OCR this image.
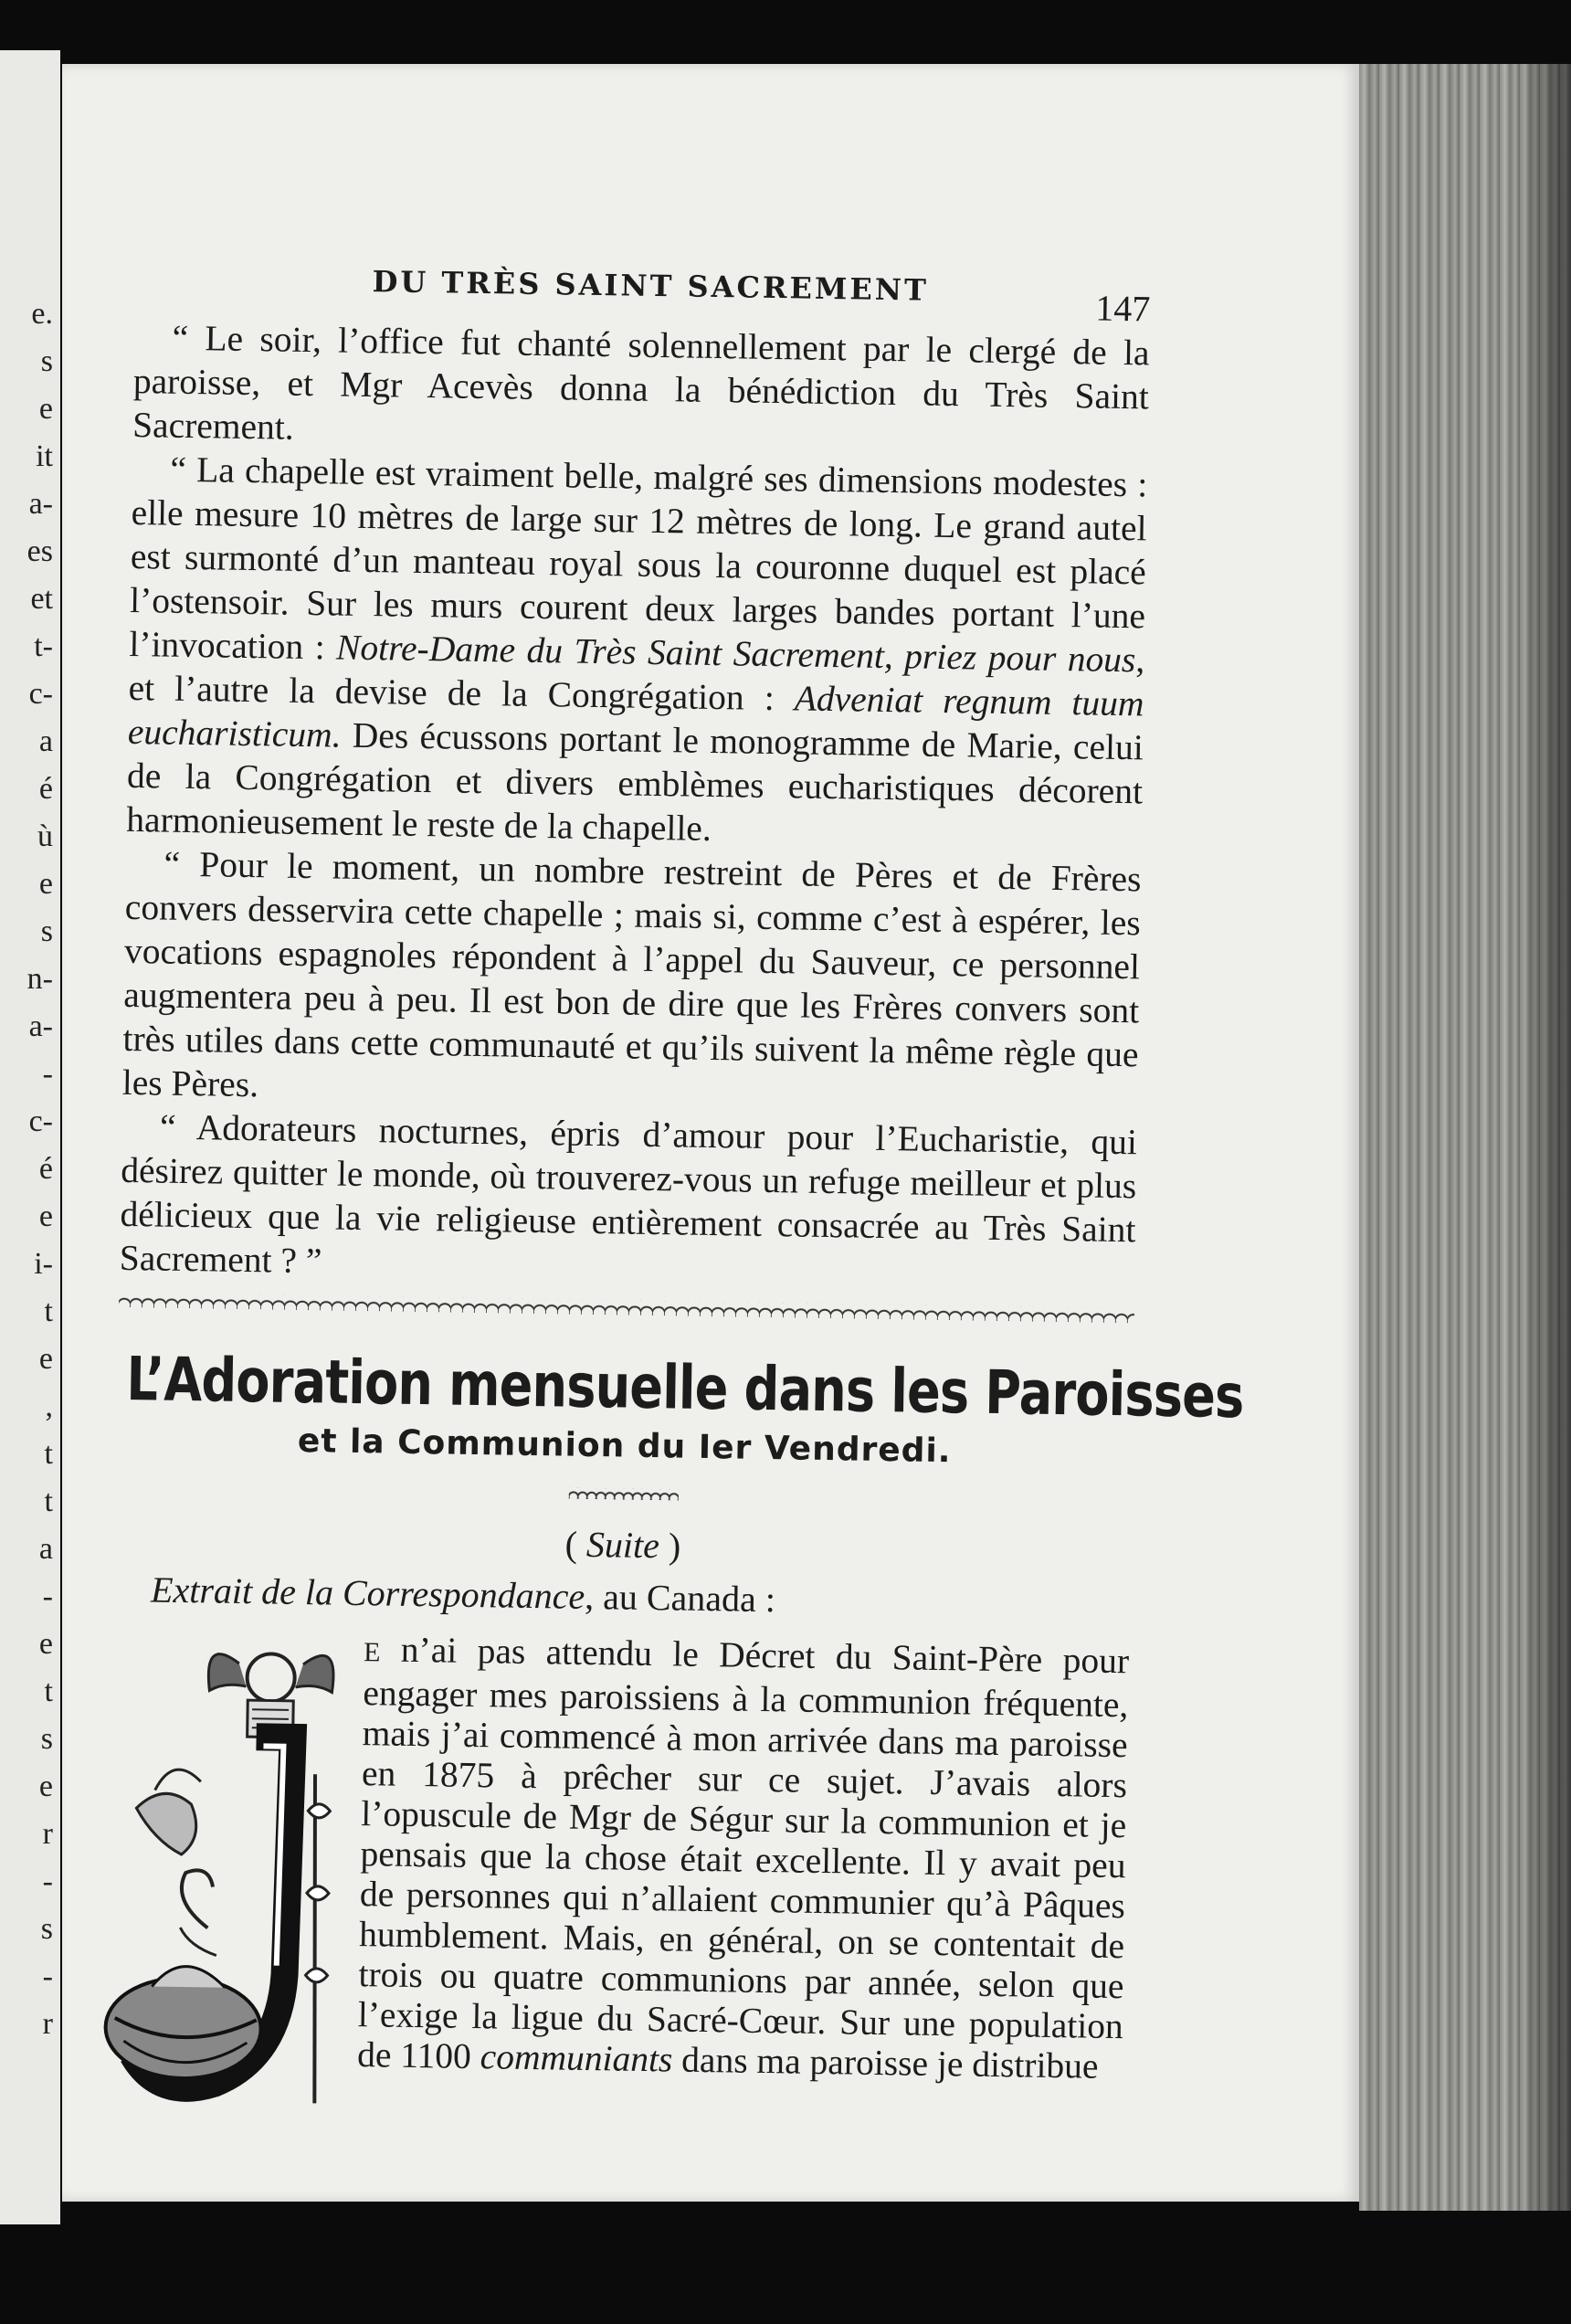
e.
s
e
it
a-
es
et
t-
c-
a
é
ù
e
s
n-
a-
-
c-
é
e
i-
t
e
,
t
t
a
-
e
t
s
e
r
-
s
-
r
DU TRÈS SAINT SACREMENT
147

“ Le soir, l’office fut chanté solennellement par le clergé de la paroisse, et Mgr Acevès donna la bénédiction du Très Saint Sacrement.

“ La chapelle est vraiment belle, malgré ses dimensions modestes : elle mesure 10 mètres de large sur 12 mètres de long. Le grand autel est surmonté d’un manteau royal sous la couronne duquel est placé l’ostensoir. Sur les murs courent deux larges bandes portant l’une l’invocation : Notre-Dame du Très Saint Sacrement, priez pour nous, et l’autre la devise de la Congrégation : Adveniat regnum tuum eucharisticum. Des écussons portant le monogramme de Marie, celui de la Congrégation et divers emblèmes eucharistiques décorent harmonieusement le reste de la chapelle.

“ Pour le moment, un nombre restreint de Pères et de Frères convers desservira cette chapelle ; mais si, comme c’est à espérer, les vocations espagnoles répondent à l’appel du Sauveur, ce personnel augmentera peu à peu. Il est bon de dire que les Frères convers sont très utiles dans cette communauté et qu’ils suivent la même règle que les Pères.

“ Adorateurs nocturnes, épris d’amour pour l’Eucharistie, qui désirez quitter le monde, où trouverez-vous un refuge meilleur et plus délicieux que la vie religieuse entièrement consacrée au Très Saint Sacrement ? ”

L’Adoration mensuelle dans les Paroisses
et la Communion du Ier Vendredi.
( Suite )
Extrait de la Correspondance, au Canada :

E n’ai pas attendu le Décret du Saint-Père pour engager mes paroissiens à la communion fréquente, mais j’ai commencé à mon arrivée dans ma paroisse en 1875 à prêcher sur ce sujet. J’avais alors l’opuscule de Mgr de Ségur sur la communion et je pensais que la chose était excellente. Il y avait peu de personnes qui n’allaient communier qu’à Pâques humblement. Mais, en général, on se contentait de trois ou quatre communions par année, selon que l’exige la ligue du Sacré-Cœur. Sur une population de 1100 communiants dans ma paroisse je distribue
